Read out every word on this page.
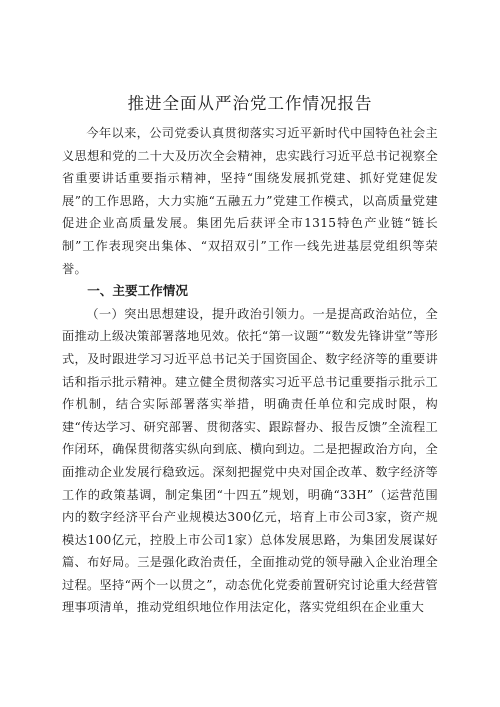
推进全面从严治党工作情况报告

今年以来，公司党委认真贯彻落实习近平新时代中国特色社会主义思想和党的二十大及历次全会精神，忠实践行习近平总书记视察全省重要讲话重要指示精神，坚持“围绕发展抓党建、抓好党建促发展”的工作思路，大力实施“五融五力”党建工作模式，以高质量党建促进企业高质量发展。集团先后获评全市1315特色产业链“链长制”工作表现突出集体、“双招双引”工作一线先进基层党组织等荣誉。

一、主要工作情况

（一）突出思想建设，提升政治引领力。一是提高政治站位，全面推动上级决策部署落地见效。依托“第一议题”“数发先锋讲堂”等形式，及时跟进学习习近平总书记关于国资国企、数字经济等的重要讲话和指示批示精神。建立健全贯彻落实习近平总书记重要指示批示工作机制，结合实际部署落实举措，明确责任单位和完成时限，构建“传达学习、研究部署、贯彻落实、跟踪督办、报告反馈”全流程工作闭环，确保贯彻落实纵向到底、横向到边。二是把握政治方向，全面推动企业发展行稳致远。深刻把握党中央对国企改革、数字经济等工作的政策基调，制定集团“十四五”规划，明确“33H”（运营范围内的数字经济平台产业规模达300亿元，培育上市公司3家，资产规模达100亿元，控股上市公司1家）总体发展思路，为集团发展谋好篇、布好局。三是强化政治责任，全面推动党的领导融入企业治理全过程。坚持“两个一以贯之”，动态优化党委前置研究讨论重大经营管理事项清单，推动党组织地位作用法定化，落实党组织在企业重大
